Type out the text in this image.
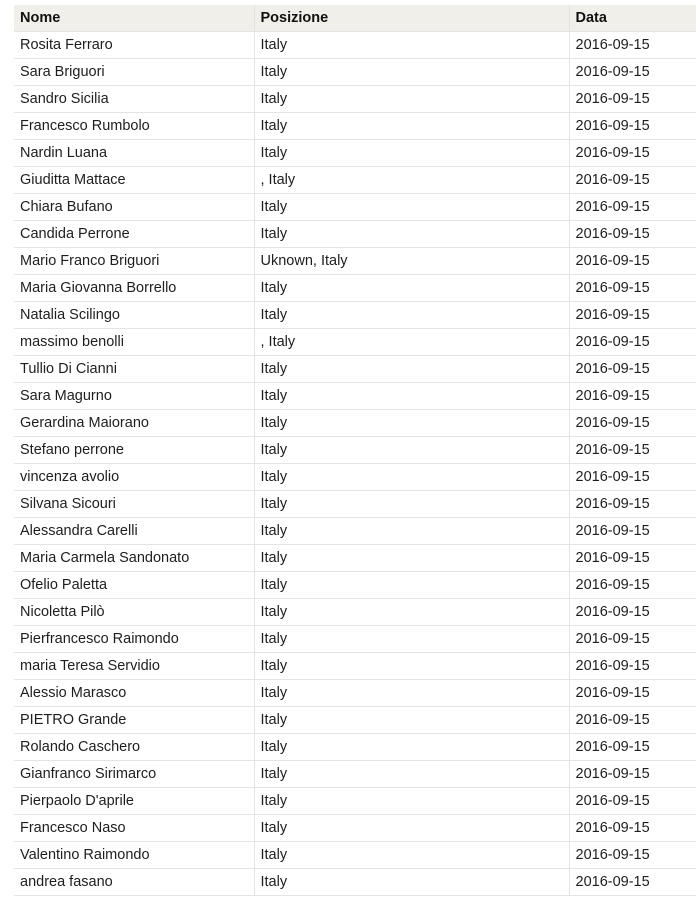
Nome	Posizione	Data
Rosita Ferraro	Italy	2016-09-15
Sara Briguori	Italy	2016-09-15
Sandro Sicilia	Italy	2016-09-15
Francesco Rumbolo	Italy	2016-09-15
Nardin Luana	Italy	2016-09-15
Giuditta Mattace	, Italy	2016-09-15
Chiara Bufano	Italy	2016-09-15
Candida Perrone	Italy	2016-09-15
Mario Franco Briguori	Uknown, Italy	2016-09-15
Maria Giovanna Borrello	Italy	2016-09-15
Natalia Scilingo	Italy	2016-09-15
massimo benolli	, Italy	2016-09-15
Tullio Di Cianni	Italy	2016-09-15
Sara Magurno	Italy	2016-09-15
Gerardina Maiorano	Italy	2016-09-15
Stefano perrone	Italy	2016-09-15
vincenza avolio	Italy	2016-09-15
Silvana Sicouri	Italy	2016-09-15
Alessandra Carelli	Italy	2016-09-15
Maria Carmela Sandonato	Italy	2016-09-15
Ofelio Paletta	Italy	2016-09-15
Nicoletta Pilò	Italy	2016-09-15
Pierfrancesco Raimondo	Italy	2016-09-15
maria Teresa Servidio	Italy	2016-09-15
Alessio Marasco	Italy	2016-09-15
PIETRO Grande	Italy	2016-09-15
Rolando Caschero	Italy	2016-09-15
Gianfranco Sirimarco	Italy	2016-09-15
Pierpaolo D'aprile	Italy	2016-09-15
Francesco Naso	Italy	2016-09-15
Valentino Raimondo	Italy	2016-09-15
andrea fasano	Italy	2016-09-15
